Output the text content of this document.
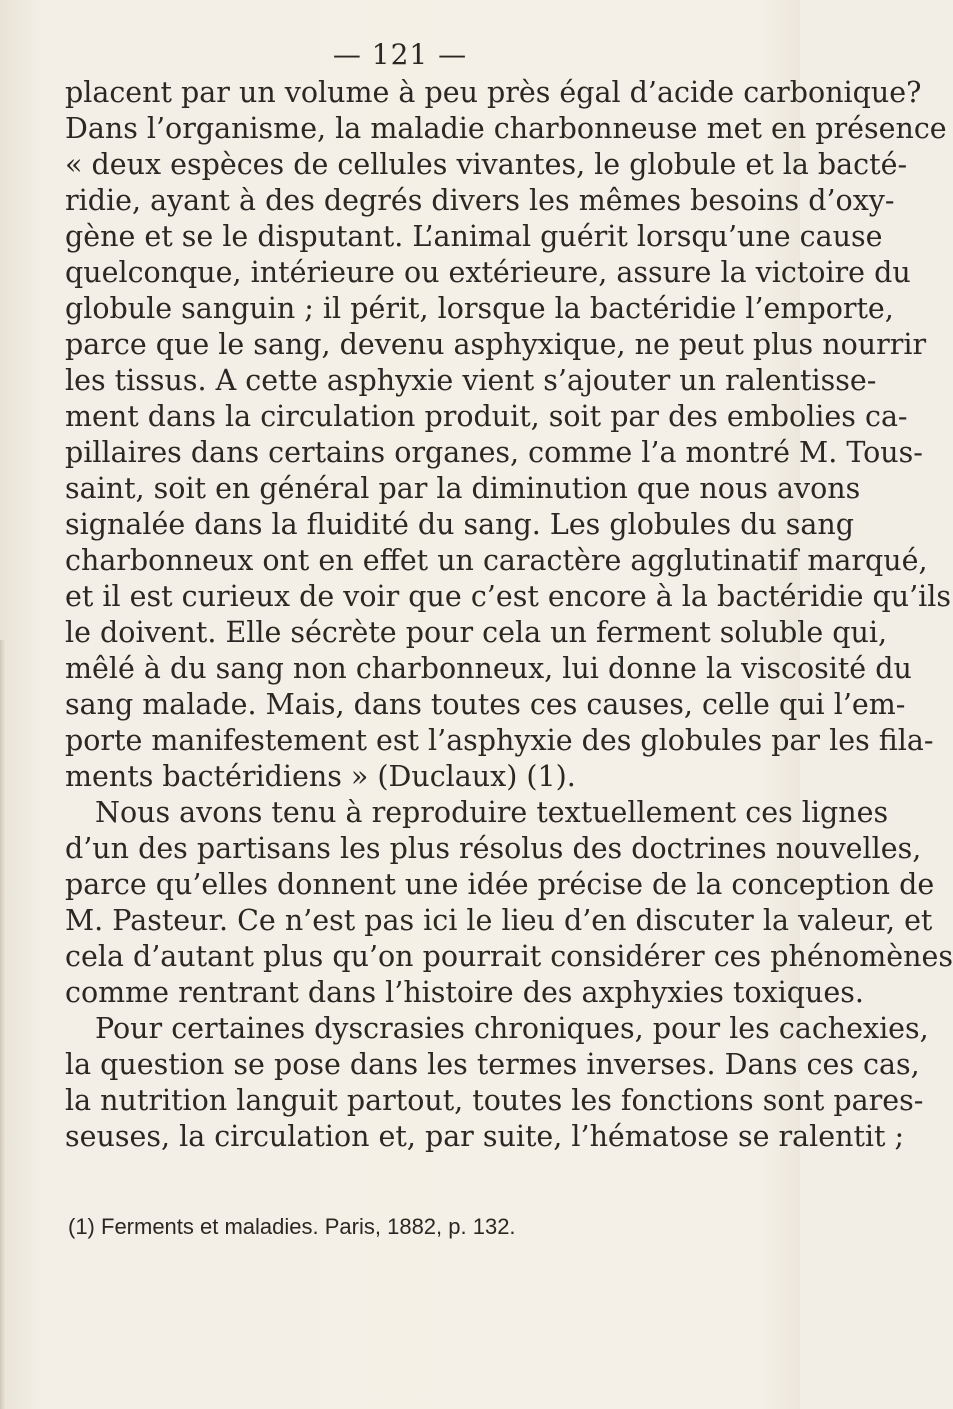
— 121 —
placent par un volume à peu près égal d’acide carbonique?
Dans l’organisme, la maladie charbonneuse met en présence
« deux espèces de cellules vivantes, le globule et la bacté-
ridie, ayant à des degrés divers les mêmes besoins d’oxy-
gène et se le disputant. L’animal guérit lorsqu’une cause
quelconque, intérieure ou extérieure, assure la victoire du
globule sanguin ; il périt, lorsque la bactéridie l’emporte,
parce que le sang, devenu asphyxique, ne peut plus nourrir
les tissus. A cette asphyxie vient s’ajouter un ralentisse-
ment dans la circulation produit, soit par des embolies ca-
pillaires dans certains organes, comme l’a montré M. Tous-
saint, soit en général par la diminution que nous avons
signalée dans la fluidité du sang. Les globules du sang
charbonneux ont en effet un caractère agglutinatif marqué,
et il est curieux de voir que c’est encore à la bactéridie qu’ils
le doivent. Elle sécrète pour cela un ferment soluble qui,
mêlé à du sang non charbonneux, lui donne la viscosité du
sang malade. Mais, dans toutes ces causes, celle qui l’em-
porte manifestement est l’asphyxie des globules par les fila-
ments bactéridiens » (Duclaux) (1).
Nous avons tenu à reproduire textuellement ces lignes
d’un des partisans les plus résolus des doctrines nouvelles,
parce qu’elles donnent une idée précise de la conception de
M. Pasteur. Ce n’est pas ici le lieu d’en discuter la valeur, et
cela d’autant plus qu’on pourrait considérer ces phénomènes
comme rentrant dans l’histoire des axphyxies toxiques.
Pour certaines dyscrasies chroniques, pour les cachexies,
la question se pose dans les termes inverses. Dans ces cas,
la nutrition languit partout, toutes les fonctions sont pares-
seuses, la circulation et, par suite, l’hématose se ralentit ;
(1) Ferments et maladies. Paris, 1882, p. 132.
